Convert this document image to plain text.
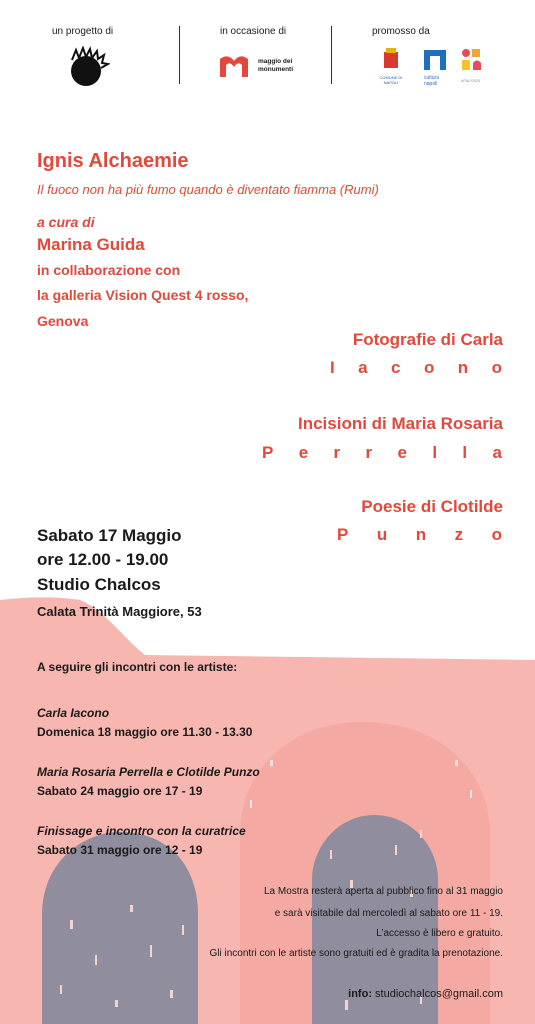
un progetto di	in occasione di
maggio dei monumenti
promosso da
COMUNE DI NAPOLI
cultura napoli	#ITALY2025
Ignis Alchaemie
Il fuoco non ha più fumo quando è diventato fiamma (Rumi)
a cura di
Marina Guida
in collaborazione con
la galleria Vision Quest 4 rosso,
Genova
Fotografie di Carla
I a c o n o
Incisioni di Maria Rosaria
P e r r e l l a
Poesie di Clotilde
P u n z o
Sabato 17 Maggio
ore 12.00 - 19.00
Studio Chalcos
Calata Trinità Maggiore, 53
A seguire gli incontri con le artiste:
Carla Iacono
Domenica 18 maggio ore 11.30 - 13.30
Maria Rosaria Perrella e Clotilde Punzo
Sabato 24 maggio ore 17 - 19
Finissage e incontro con la curatrice
Sabato 31 maggio ore 12 - 19
La Mostra resterà aperta al pubblico fino al 31 maggio
e sarà visitabile dal mercoledì al sabato ore 11 - 19.
L’accesso è libero e gratuito.
Gli incontri con le artiste sono gratuiti ed è gradita la prenotazione.
info: studiochalcos@gmail.com
